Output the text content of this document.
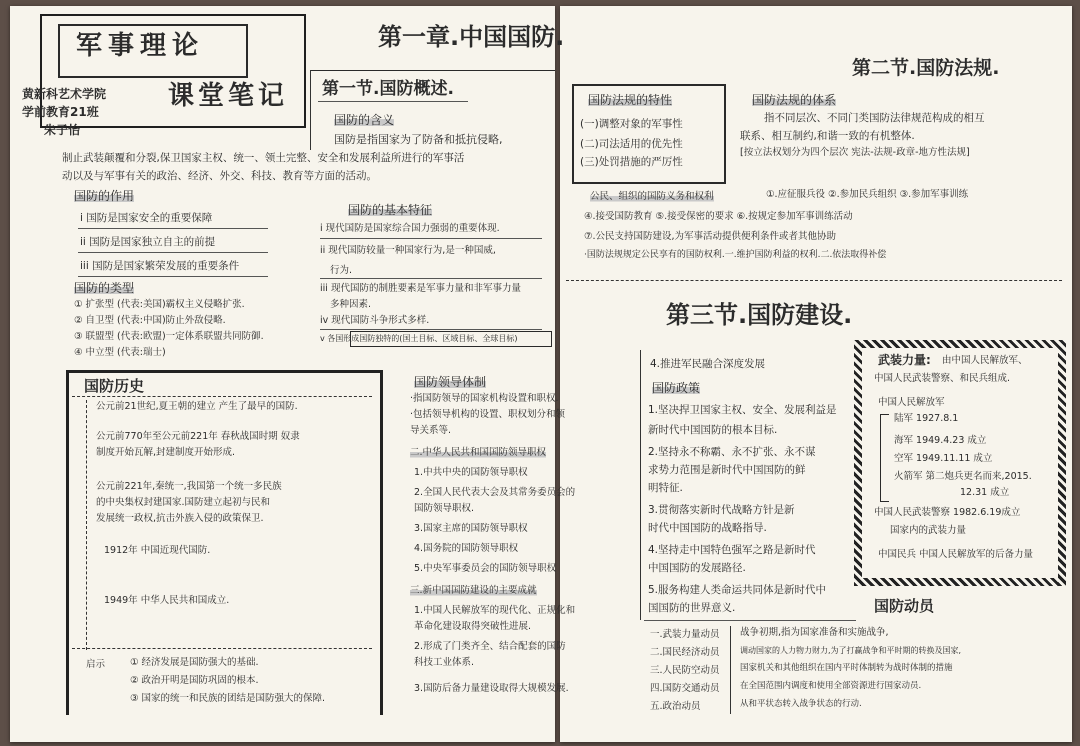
军事理论
课堂笔记
黄新科艺术学院
学前教育21班
朱子怡
第一章.中国国防.
第一节.国防概述.
国防的含义
国防是指国家为了防备和抵抗侵略,
制止武装颠覆和分裂,保卫国家主权、统一、领土完整、安全和发展利益所进行的军事活
动以及与军事有关的政治、经济、外交、科技、教育等方面的活动。
国防的作用
i 国防是国家安全的重要保障
ii 国防是国家独立自主的前提
iii 国防是国家繁荣发展的重要条件
国防的类型
① 扩张型 (代表:美国)霸权主义侵略扩张.
② 自卫型 (代表:中国)防止外敌侵略.
③ 联盟型 (代表:欧盟)一定体系联盟共同防御.
④ 中立型 (代表:瑞士)
国防的基本特征
i 现代国防是国家综合国力强弱的重要体现.
ii 现代国防较量一种国家行为,是一种国威,
行为.
iii 现代国防的制胜要素是军事力量和非军事力量
多种因素.
iv 现代国防斗争形式多样.
v 各国形成国防独特的(国土目标、区域目标、全球目标)
国防历史
公元前21世纪,夏王朝的建立 产生了最早的国防.
公元前770年至公元前221年 春秋战国时期 奴隶
制度开始瓦解,封建制度开始形成.
公元前221年,秦统一,我国第一个统一多民族
的中央集权封建国家.国防建立起初与民和
发展统一政权,抗击外族入侵的政策保卫.
1912年 中国近现代国防.
1949年 中华人民共和国成立.
启示	① 经济发展是国防强大的基础.
② 政治开明是国防巩固的根本.
③ 国家的统一和民族的团结是国防强大的保障.
国防领导体制
·指国防领导的国家机构设置和职权.
·包括领导机构的设置、职权划分和领
导关系等.
二.中华人民共和国国防领导职权
1.中共中央的国防领导职权
2.全国人民代表大会及其常务委员会的
国防领导职权.
3.国家主席的国防领导职权
4.国务院的国防领导职权
5.中央军事委员会的国防领导职权
三.新中国国防建设的主要成就
1.中国人民解放军的现代化、正规化和
革命化建设取得突破性进展.
2.形成了门类齐全、结合配套的国防
科技工业体系.
3.国防后备力量建设取得大规模发展.
国防法规的特性
(一)调整对象的军事性
(二)司法适用的优先性
(三)处罚措施的严厉性
第二节.国防法规.
国防法规的体系
指不同层次、不同门类国防法律规范构成的相互
联系、相互制约,和谐一致的有机整体.
[按立法权划分为四个层次 宪法-法规-政章-地方性法规]
公民、组织的国防义务和权利	①.应征服兵役 ②.参加民兵组织 ③.参加军事训练
④.接受国防教育 ⑤.接受保密的要求 ⑥.按规定参加军事训练活动
⑦.公民支持国防建设,为军事活动提供便利条件或者其他协助
·国防法规规定公民享有的国防权利.一.维护国防利益的权利.二.依法取得补偿
第三节.国防建设.
4.推进军民融合深度发展
国防政策
1.坚决捍卫国家主权、安全、发展利益是
新时代中国国防的根本目标.
2.坚持永不称霸、永不扩张、永不谋
求势力范围是新时代中国国防的鲜
明特征.
3.贯彻落实新时代战略方针是新
时代中国国防的战略指导.
4.坚持走中国特色强军之路是新时代
中国国防的发展路径.
5.服务构建人类命运共同体是新时代中
国国防的世界意义.
武装力量: 由中国人民解放军、
中国人民武装警察、和民兵组成.
中国人民解放军
陆军 1927.8.1
海军 1949.4.23 成立
空军 1949.11.11 成立
火箭军 第二炮兵更名而来,2015.
12.31 成立
中国人民武装警察 1982.6.19成立
国家内的武装力量
中国民兵 中国人民解放军的后备力量
国防动员
一.武装力量动员
二.国民经济动员
三.人民防空动员
四.国防交通动员
五.政治动员
战争初期,指为国家准备和实施战争,
调动国家的人力物力财力,为了打赢战争和平时期的转换及国家,
国家机关和其他组织在国内平时体制转为战时体制的措施
在全国范围内调度和使用全部资源进行国家动员.
从和平状态转入战争状态的行动.
